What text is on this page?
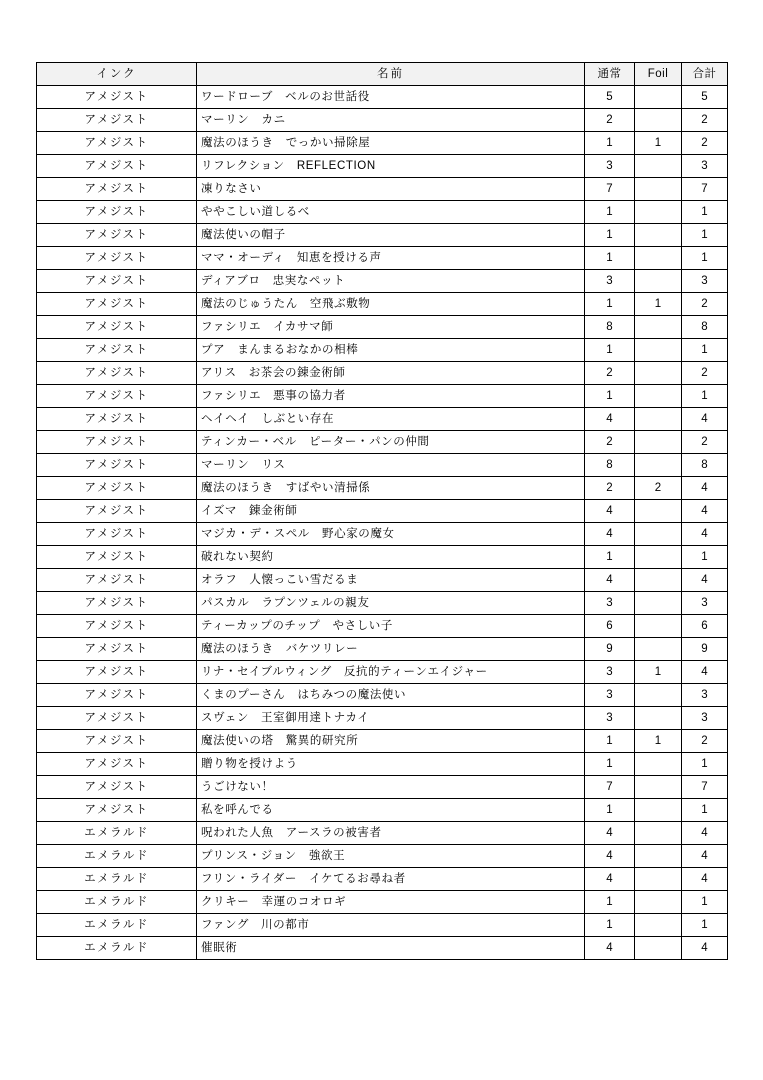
インク	名前	通常	Foil	合計
アメジスト	ワードローブ　ベルのお世話役	5		5
アメジスト	マーリン　カニ	2		2
アメジスト	魔法のほうき　でっかい掃除屋	1	1	2
アメジスト	リフレクション　REFLECTION	3		3
アメジスト	凍りなさい	7		7
アメジスト	ややこしい道しるべ	1		1
アメジスト	魔法使いの帽子	1		1
アメジスト	ママ・オーディ　知恵を授ける声	1		1
アメジスト	ディアブロ　忠実なペット	3		3
アメジスト	魔法のじゅうたん　空飛ぶ敷物	1	1	2
アメジスト	ファシリエ　イカサマ師	8		8
アメジスト	プア　まんまるおなかの相棒	1		1
アメジスト	アリス　お茶会の錬金術師	2		2
アメジスト	ファシリエ　悪事の協力者	1		1
アメジスト	ヘイヘイ　しぶとい存在	4		4
アメジスト	ティンカー・ベル　ピーター・パンの仲間	2		2
アメジスト	マーリン　リス	8		8
アメジスト	魔法のほうき　すばやい清掃係	2	2	4
アメジスト	イズマ　錬金術師	4		4
アメジスト	マジカ・デ・スペル　野心家の魔女	4		4
アメジスト	破れない契約	1		1
アメジスト	オラフ　人懐っこい雪だるま	4		4
アメジスト	パスカル　ラプンツェルの親友	3		3
アメジスト	ティーカップのチップ　やさしい子	6		6
アメジスト	魔法のほうき　バケツリレー	9		9
アメジスト	リナ・セイブルウィング　反抗的ティーンエイジャー	3	1	4
アメジスト	くまのプーさん　はちみつの魔法使い	3		3
アメジスト	スヴェン　王室御用達トナカイ	3		3
アメジスト	魔法使いの塔　驚異的研究所	1	1	2
アメジスト	贈り物を授けよう	1		1
アメジスト	うごけない！	7		7
アメジスト	私を呼んでる	1		1
エメラルド	呪われた人魚　アースラの被害者	4		4
エメラルド	プリンス・ジョン　強欲王	4		4
エメラルド	フリン・ライダー　イケてるお尋ね者	4		4
エメラルド	クリキー　幸運のコオロギ	1		1
エメラルド	ファング　川の都市	1		1
エメラルド	催眠術	4		4
